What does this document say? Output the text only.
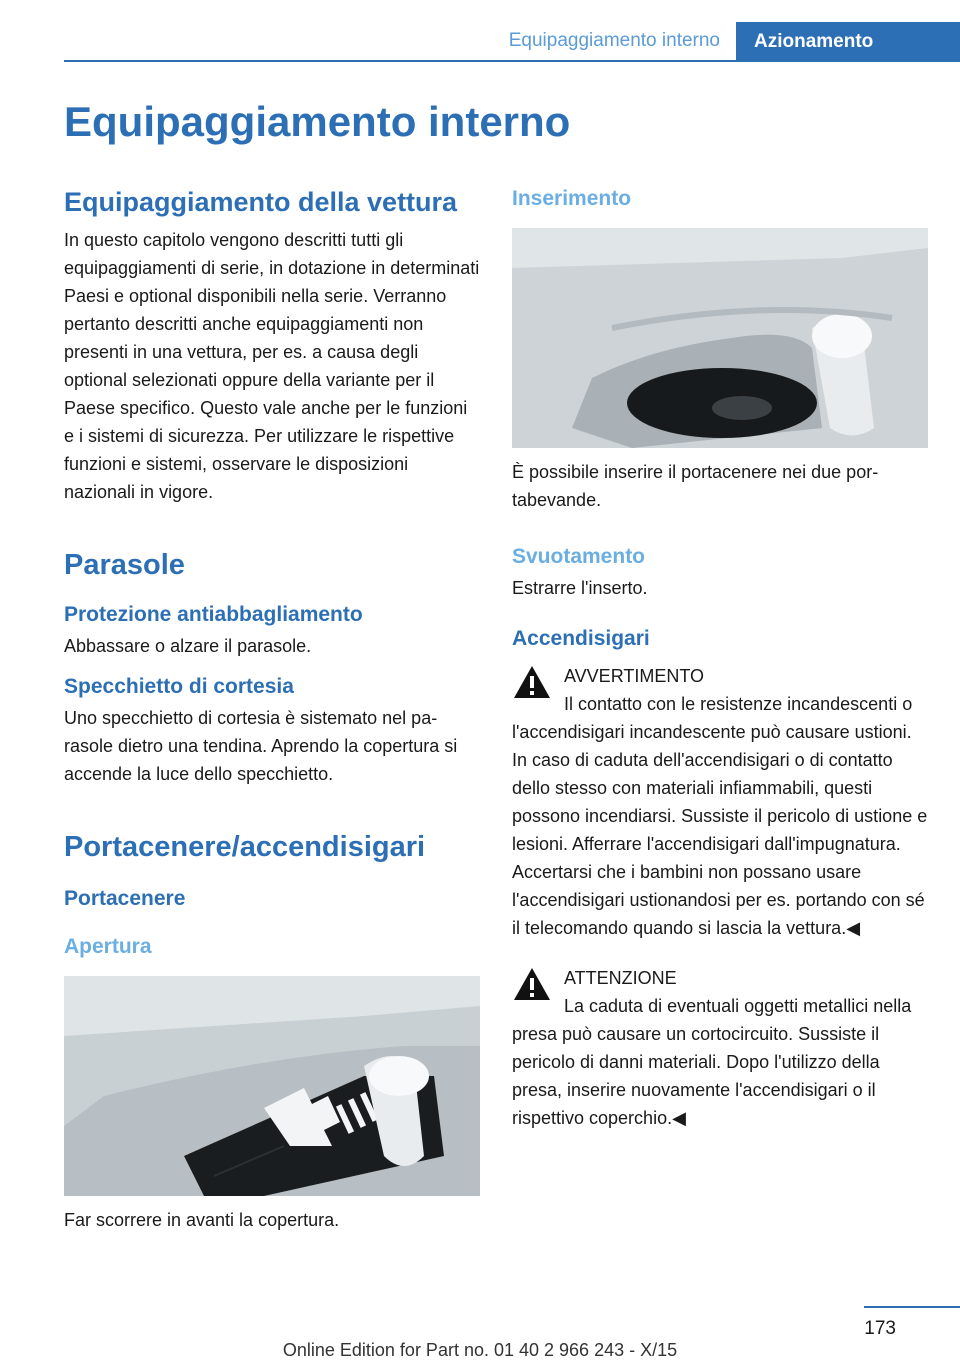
Equipaggiamento interno	Azionamento
Equipaggiamento interno
Equipaggiamento della vettura

In questo capitolo vengono descritti tutti gli equipaggiamenti di serie, in dotazione in determinati Paesi e optional disponibili nella serie. Verranno pertanto descritti anche equipaggiamenti non presenti in una vettura, per es. a causa degli optional selezionati oppure della variante per il Paese specifico. Questo vale anche per le funzioni e i sistemi di sicurezza. Per utilizzare le rispettive funzioni e sistemi, osservare le disposizioni nazionali in vigore.

Parasole
Protezione antiabbagliamento

Abbassare o alzare il parasole.

Specchietto di cortesia

Uno specchietto di cortesia è sistemato nel parasole dietro una tendina. Aprendo la copertura si accende la luce dello specchietto.

Portacenere/accendisigari
Portacenere
Apertura

Far scorrere in avanti la copertura.

Inserimento

È possibile inserire il portacenere nei due portabevande.

Svuotamento

Estrarre l'inserto.

Accendisigari

AVVERTIMENTO

Il contatto con le resistenze incandescenti o l'accendisigari incandescente può causare ustioni. In caso di caduta dell'accendisigari o di contatto dello stesso con materiali infiammabili, questi possono incendiarsi. Sussiste il pericolo di ustione e lesioni. Afferrare l'accendisigari dall'impugnatura. Accertarsi che i bambini non possano usare l'accendisigari ustionandosi per es. portando con sé il telecomando quando si lascia la vettura.◀

ATTENZIONE

La caduta di eventuali oggetti metallici nella presa può causare un cortocircuito. Sussiste il pericolo di danni materiali. Dopo l'utilizzo della presa, inserire nuovamente l'accendisigari o il rispettivo coperchio.◀

173
Online Edition for Part no. 01 40 2 966 243 - X/15
